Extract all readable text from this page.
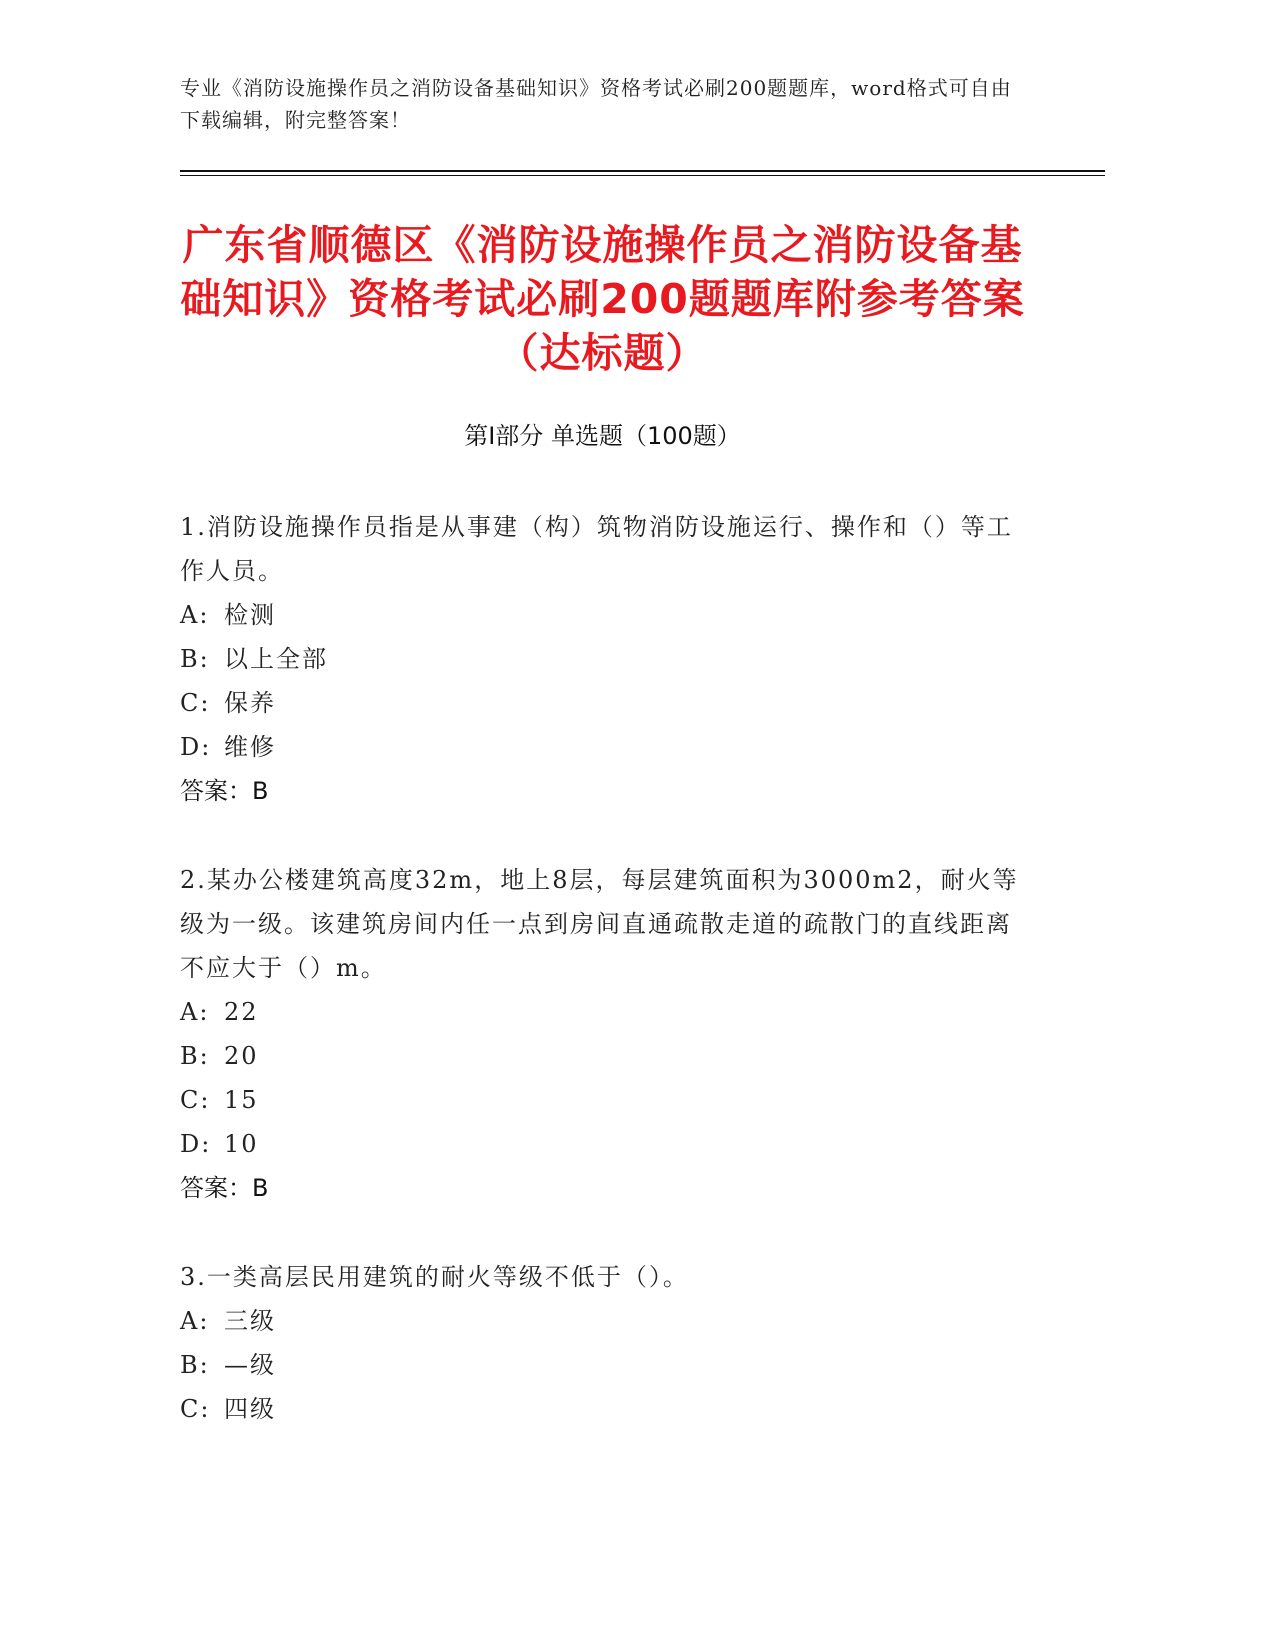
专业《消防设施操作员之消防设备基础知识》资格考试必刷200题题库，word格式可自由下载编辑，附完整答案！
广东省顺德区《消防设施操作员之消防设备基础知识》资格考试必刷200题题库附参考答案（达标题）
第I部分 单选题（100题）
1.消防设施操作员指是从事建（构）筑物消防设施运行、操作和（）等工作人员。
A: 检测
B: 以上全部
C: 保养
D: 维修
答案：B
2.某办公楼建筑高度32m，地上8层，每层建筑面积为3000m2，耐火等级为一级。该建筑房间内任一点到房间直通疏散走道的疏散门的直线距离不应大于（）m。
A: 22
B: 20
C: 15
D: 10
答案：B
3.一类高层民用建筑的耐火等级不低于（）。
A: 三级
B: —级
C: 四级
